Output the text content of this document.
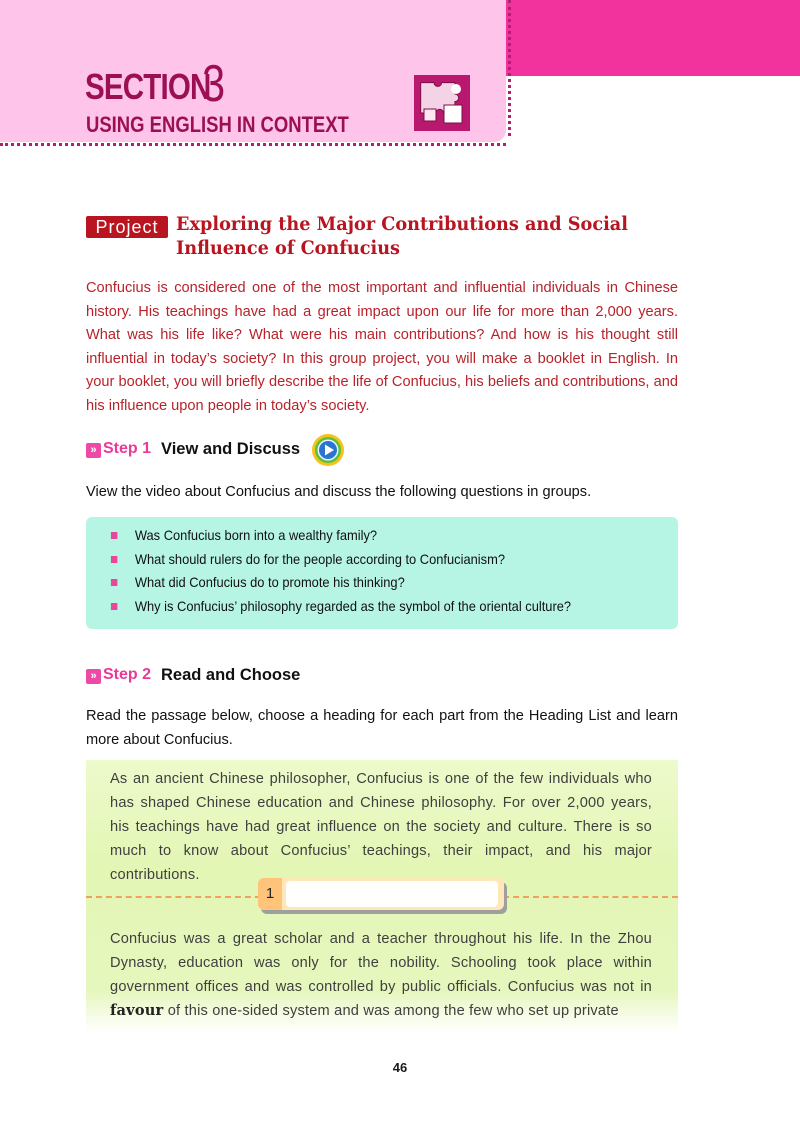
SECTION
3
USING ENGLISH IN CONTEXT
Project Exploring the Major Contributions and Social Influence of Confucius
Confucius is considered one of the most important and influential individuals in Chinese history. His teachings have had a great impact upon our life for more than 2,000 years. What was his life like? What were his main contributions? And how is his thought still influential in today’s society? In this group project, you will make a booklet in English. In your booklet, you will briefly describe the life of Confucius, his beliefs and contributions, and his influence upon people in today’s society.
» Step 1 View and Discuss
View the video about Confucius and discuss the following questions in groups.
Was Confucius born into a wealthy family?
What should rulers do for the people according to Confucianism?
What did Confucius do to promote his thinking?
Why is Confucius’ philosophy regarded as the symbol of the oriental culture?
» Step 2 Read and Choose
Read the passage below, choose a heading for each part from the Heading List and learn more about Confucius.
As an ancient Chinese philosopher, Confucius is one of the few individuals who has shaped Chinese education and Chinese philosophy. For over 2,000 years, his teachings have had great influence on the society and culture. There is so much to know about Confucius’ teachings, their impact, and his major contributions.
1
Confucius was a great scholar and a teacher throughout his life. In the Zhou Dynasty, education was only for the nobility. Schooling took place within government offices and was controlled by public officials. Confucius was not in favour of this one-sided system and was among the few who set up private
46
